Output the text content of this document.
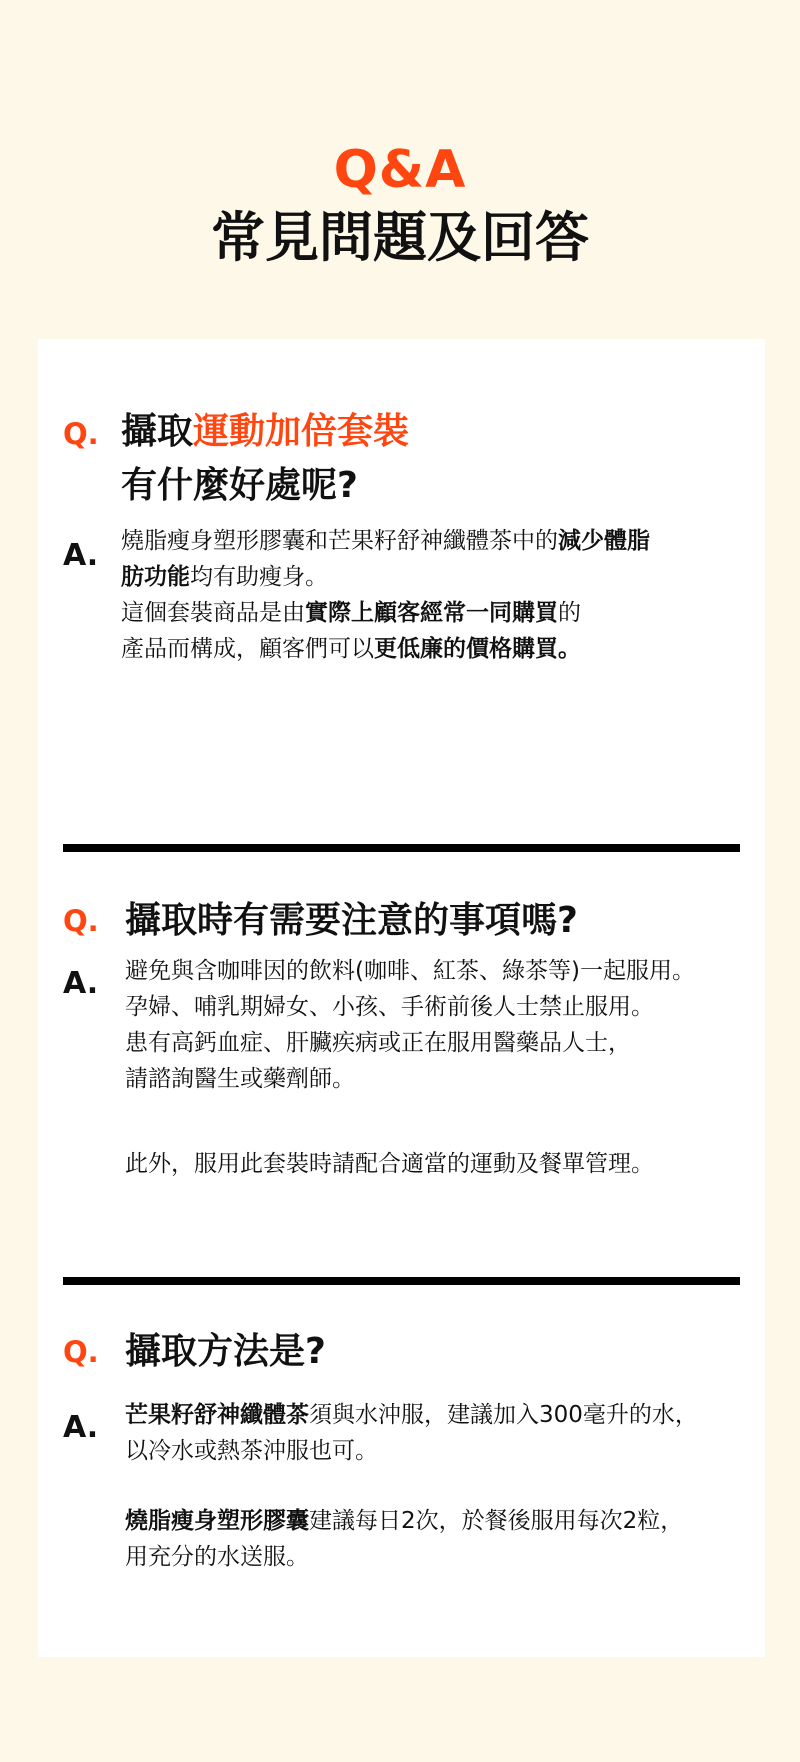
Q&A
常見問題及回答
Q. 攝取運動加倍套裝
有什麼好處呢?
A. 燒脂瘦身塑形膠囊和芒果籽舒神纖體茶中的減少體脂
肪功能均有助瘦身。
這個套裝商品是由實際上顧客經常一同購買的
產品而構成，顧客們可以更低廉的價格購買。
Q. 攝取時有需要注意的事項嗎?
A. 避免與含咖啡因的飲料(咖啡、紅茶、綠茶等)一起服用。
孕婦、哺乳期婦女、小孩、手術前後人士禁止服用。
患有高鈣血症、肝臟疾病或正在服用醫藥品人士，
請諮詢醫生或藥劑師。
此外，服用此套裝時請配合適當的運動及餐單管理。
Q. 攝取方法是?
A. 芒果籽舒神纖體茶須與水沖服，建議加入300毫升的水，
以冷水或熱茶沖服也可。
燒脂瘦身塑形膠囊建議每日2次，於餐後服用每次2粒，
用充分的水送服。
